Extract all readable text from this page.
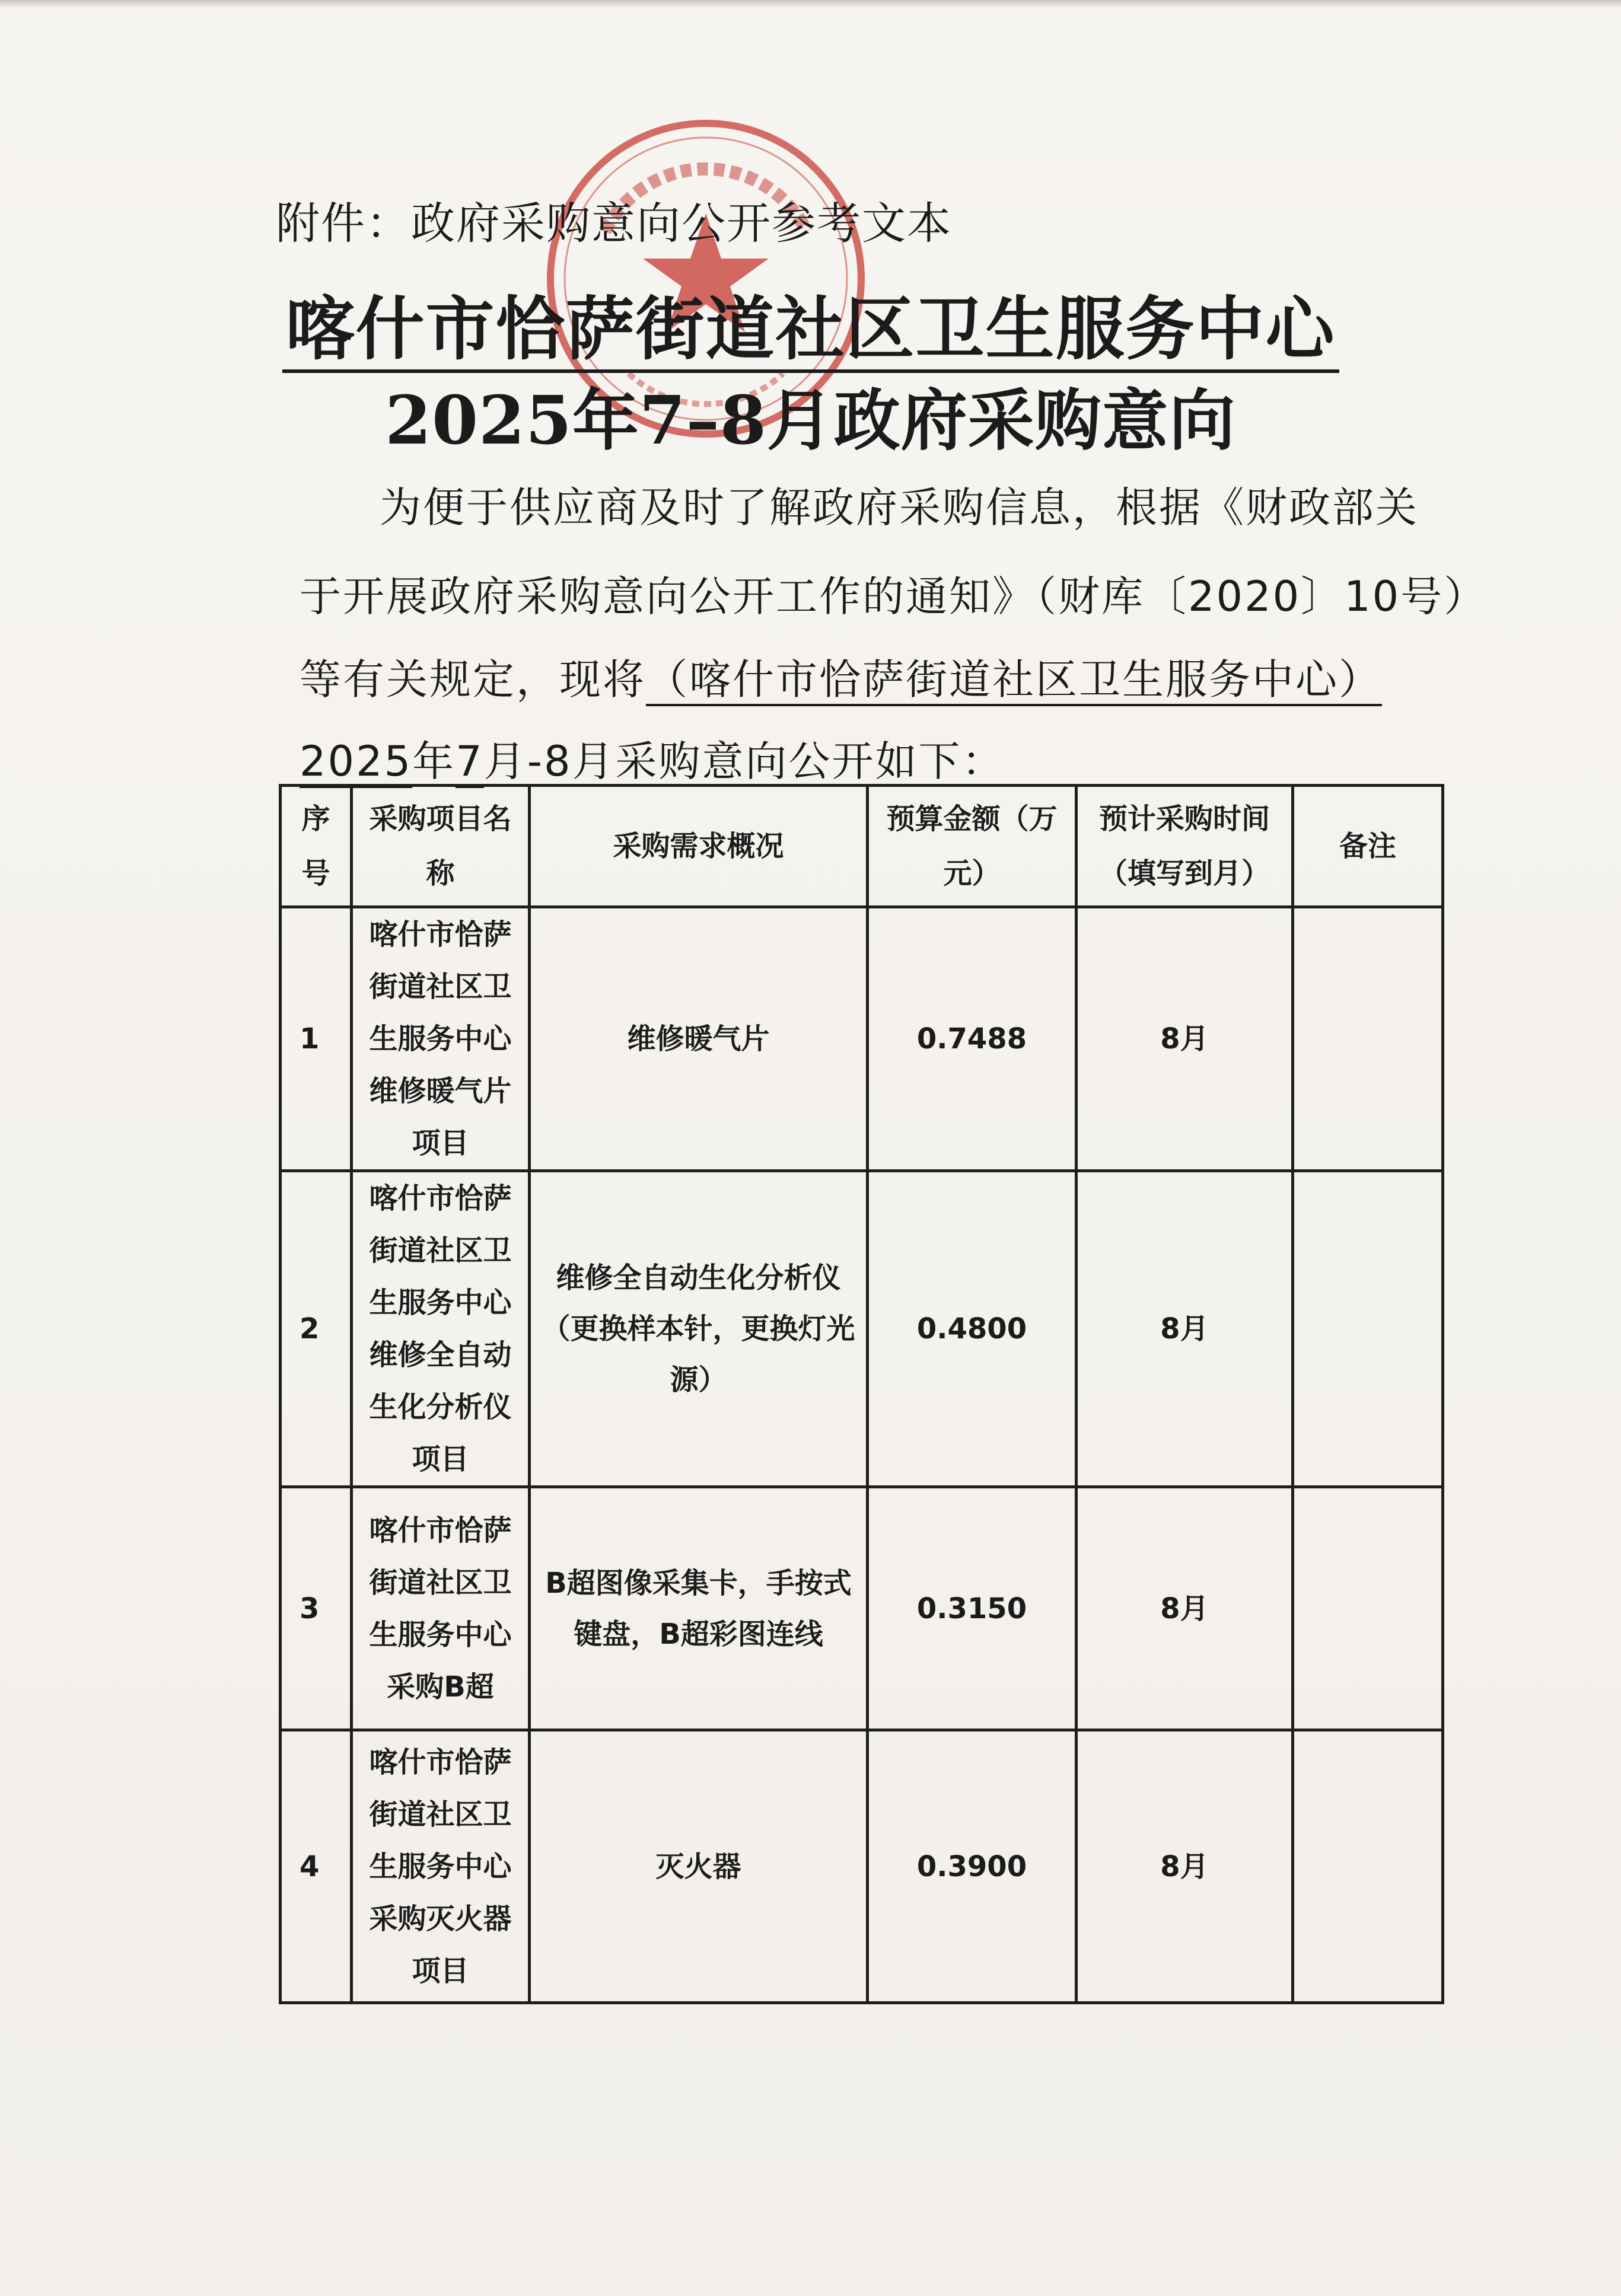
附件：政府采购意向公开参考文本
喀什市恰萨街道社区卫生服务中心
2025年7–8月政府采购意向
为便于供应商及时了解政府采购信息，根据《财政部关
于开展政府采购意向公开工作的通知》（财库〔2020〕10号）
等有关规定，现将（喀什市恰萨街道社区卫生服务中心）
2025年7月-8月采购意向公开如下：
序号	采购项目名称	采购需求概况	预算金额（万元）	预计采购时间（填写到月）	备注
1	喀什市恰萨街道社区卫生服务中心维修暖气片项目	维修暖气片	0.7488	8月	
2	喀什市恰萨街道社区卫生服务中心维修全自动生化分析仪项目	维修全自动生化分析仪（更换样本针，更换灯光源）	0.4800	8月	
3	喀什市恰萨街道社区卫生服务中心采购B超	B超图像采集卡，手按式键盘，B超彩图连线	0.3150	8月	
4	喀什市恰萨街道社区卫生服务中心采购灭火器项目	灭火器	0.3900	8月	
